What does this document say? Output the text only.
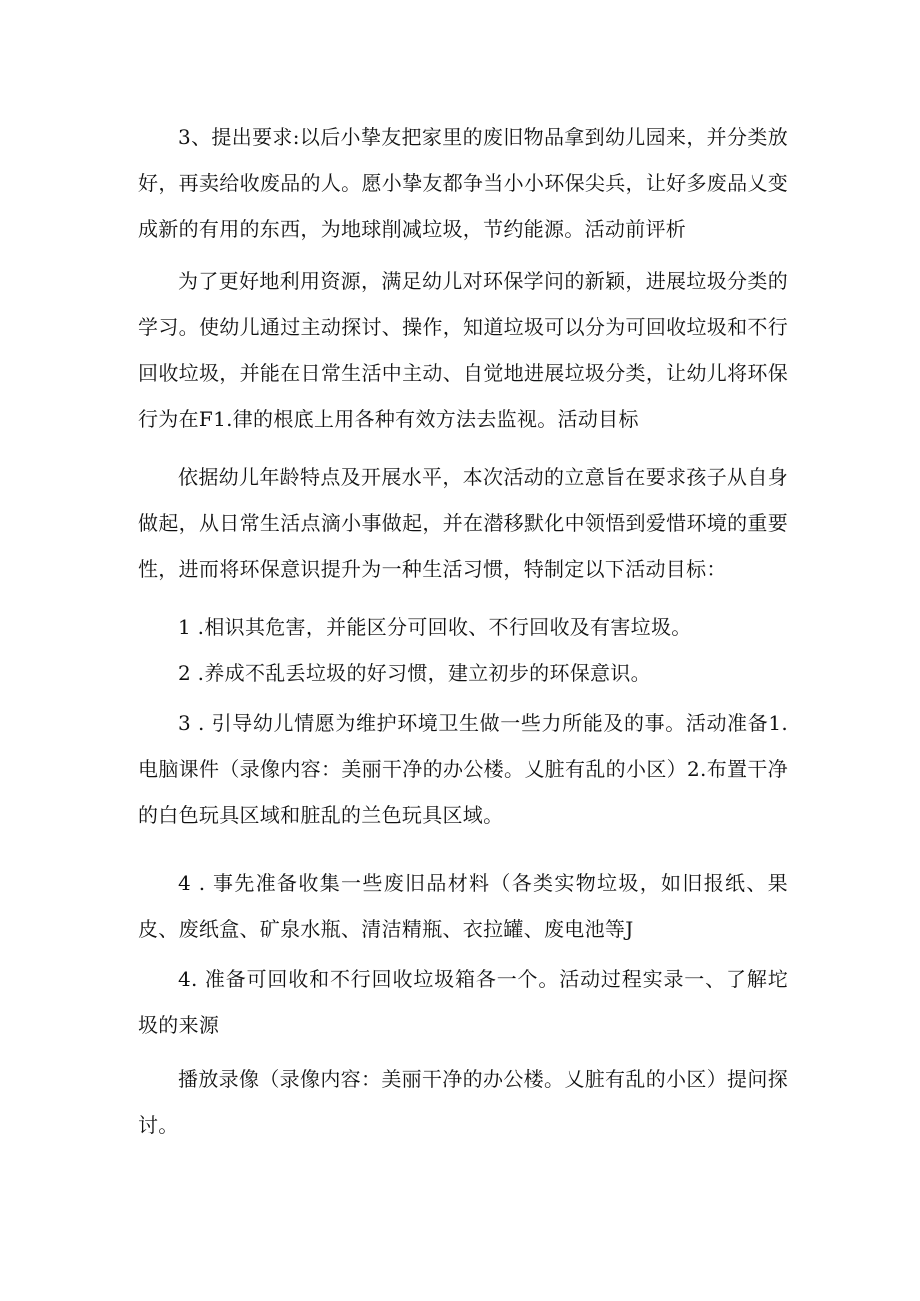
3、提出要求:以后小挚友把家里的废旧物品拿到幼儿园来，并分类放好，再卖给收废品的人。愿小挚友都争当小小环保尖兵，让好多废品乂变成新的有用的东西，为地球削减垃圾，节约能源。活动前评析

为了更好地利用资源，满足幼儿对环保学问的新颖，进展垃圾分类的学习。使幼儿通过主动探讨、操作，知道垃圾可以分为可回收垃圾和不行回收垃圾，并能在日常生活中主动、自觉地进展垃圾分类，让幼儿将环保行为在F1.律的根底上用各种有效方法去监视。活动目标

依据幼儿年龄特点及开展水平，本次活动的立意旨在要求孩子从自身做起，从日常生活点滴小事做起，并在潜移默化中领悟到爱惜环境的重要性，进而将环保意识提升为一种生活习惯，特制定以下活动目标：

1 .相识其危害，并能区分可回收、不行回收及有害垃圾。

2 .养成不乱丢垃圾的好习惯，建立初步的环保意识。

3 . 引导幼儿情愿为维护环境卫生做一些力所能及的事。活动准备1.电脑课件（录像内容：美丽干净的办公楼。乂脏有乱的小区）2.布置干净的白色玩具区域和脏乱的兰色玩具区域。

4 . 事先准备收集一些废旧品材料（各类实物垃圾，如旧报纸、果皮、废纸盒、矿泉水瓶、清洁精瓶、衣拉罐、废电池等J

4. 准备可回收和不行回收垃圾箱各一个。活动过程实录一、了解坨圾的来源

播放录像（录像内容：美丽干净的办公楼。乂脏有乱的小区）提问探讨。
